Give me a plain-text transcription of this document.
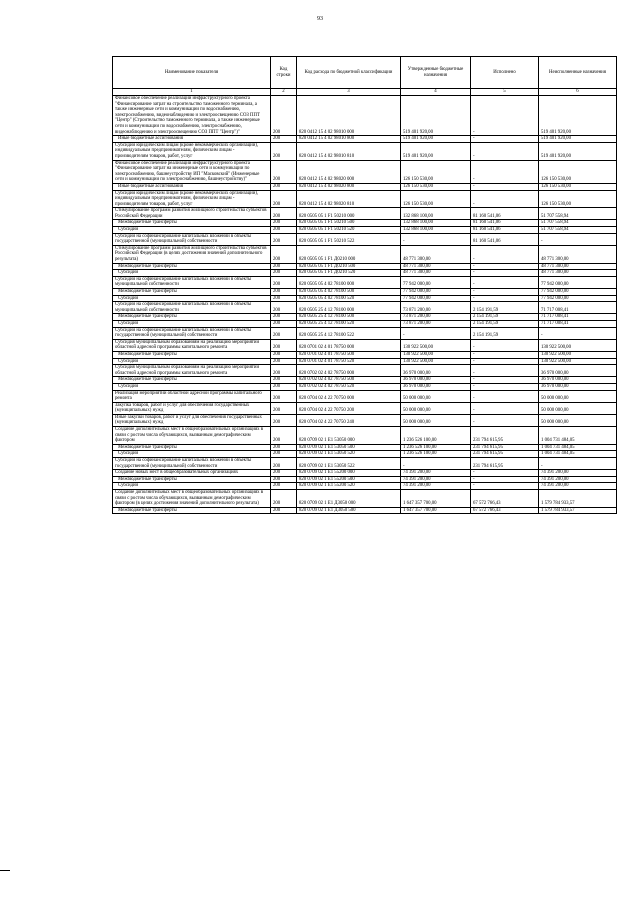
93
Наименование показателя	Код строки	Код расхода по бюджетной классификации	Утвержденные бюджетные назначения	Исполнено	Неисполненные назначения
1	2	3	4	5	6
Финансовое обеспечение реализации инфраструктурного проекта "Финансирование затрат на строительство таможенного терминала, а также инженерные сети и коммуникации по водоснабжению, электроснабжению, видеонаблюдению и электроосвещению СОЗ ППТ "Центр" (Строительство таможенного терминала, а также инженерные сети и коммуникации по водоснабжению, электроснабжению, видеонаблюдению и электроосвещению СОЗ ППТ "Центр")"	200	820 0412 15 4 02 98010 000	519 401 920,00	-	519 401 920,00
Иные бюджетные ассигнования	200	820 0412 15 4 02 98010 800	519 401 920,00	-	519 401 920,00
Субсидии юридическим лицам (кроме некоммерческих организаций), индивидуальным предпринимателям, физическим лицам - производителям товаров, работ, услуг	200	820 0412 15 4 02 98010 810	519 401 920,00	-	519 401 920,00
Финансовое обеспечение реализации инфраструктурного проекта "Финансирование затрат на инженерные сети и коммуникации по электроснабжению, башнеустройству ИП "Масковский" (Инженерные сети и коммуникации по электроснабжению, башнеустройству)"	200	820 0412 15 4 02 98020 000	126 150 530,00	-	126 150 530,00
Иные бюджетные ассигнования	200	820 0412 15 4 02 98020 800	126 150 530,00	-	126 150 530,00
Субсидии юридическим лицам (кроме некоммерческих организаций), индивидуальным предпринимателям, физическим лицам - производителям товаров, работ, услуг	200	820 0412 15 4 02 98020 810	126 150 530,00	-	126 150 530,00
Стимулирование программ развития жилищного строительства субъектов Российской Федерации	200	820 0505 05 1 F1 50210 000	132 868 100,00	81 160 541,06	51 707 558,94
Межбюджетные трансферты	200	820 0505 05 1 F1 50210 500	132 868 100,00	81 160 541,06	51 707 558,94
Субсидии	200	820 0505 05 1 F1 50210 520	132 868 100,00	81 160 541,06	51 707 558,94
Субсидии на софинансирование капитальных вложений в объекты государственной (муниципальной) собственности	200	820 0505 05 1 F1 50210 522	-	81 160 541,06	-
Стимулирование программ развития жилищного строительства субъектов Российской Федерации (в целях достижения значений дополнительного результата)	200	820 0505 05 1 F1 Д0210 000	48 771 300,00	-	48 771 300,00
Межбюджетные трансферты	200	820 0505 05 1 F1 Д0210 500	48 771 300,00	-	48 771 300,00
Субсидии	200	820 0505 05 1 F1 Д0210 520	48 771 300,00	-	48 771 300,00
Субсидии на софинансирование капитальных вложений в объекты муниципальной собственности	200	820 0505 05 4 02 78100 000	77 942 000,00	-	77 942 000,00
Межбюджетные трансферты	200	820 0505 05 4 02 78100 500	77 942 000,00	-	77 942 000,00
Субсидии	200	820 0505 05 4 02 78100 520	77 942 000,00	-	77 942 000,00
Субсидии на софинансирование капитальных вложений в объекты муниципальной собственности	200	820 0505 25 4 12 78100 000	73 871 200,00	2 154 191,59	71 717 008,41
Межбюджетные трансферты	200	820 0505 25 4 12 78100 500	73 871 200,00	2 154 191,59	71 717 008,41
Субсидии	200	820 0505 25 4 12 78100 520	73 871 200,00	2 154 191,59	71 717 008,41
Субсидии на софинансирование капитальных вложений в объекты государственной (муниципальной) собственности	200	820 0505 25 4 12 78100 522	-	2 154 191,59	-
Субсидия муниципальным образованиям на реализацию мероприятий областной адресной программы капитального ремонта	200	820 0701 02 4 01 78750 000	130 922 500,00	-	130 922 500,00
Межбюджетные трансферты	200	820 0701 02 4 01 78750 500	130 922 500,00	-	130 922 500,00
Субсидии	200	820 0701 02 4 01 78750 520	130 922 500,00	-	130 922 500,00
Субсидия муниципальным образованиям на реализацию мероприятий областной адресной программы капитального ремонта	200	820 0702 02 4 02 78750 000	36 970 000,00	-	36 970 000,00
Межбюджетные трансферты	200	820 0702 02 4 02 78750 500	36 970 000,00	-	36 970 000,00
Субсидии	200	820 0702 02 4 02 78750 520	36 970 000,00	-	36 970 000,00
Реализация мероприятий областной адресной программы капитального ремонта	200	820 0704 02 4 22 70750 000	50 000 000,00	-	50 000 000,00
Закупка товаров, работ и услуг для обеспечения государственных (муниципальных) нужд	200	820 0704 02 4 22 70750 200	50 000 000,00	-	50 000 000,00
Иные закупки товаров, работ и услуг для обеспечения государственных (муниципальных) нужд	200	820 0704 02 4 22 70750 240	50 000 000,00	-	50 000 000,00
Создание дополнительных мест в общеобразовательных организациях в связи с ростом числа обучающихся, вызванным демографическим фактором	200	820 0709 02 1 E1 53050 000	1 236 526 100,00	231 794 615,95	1 004 731 484,05
Межбюджетные трансферты	200	820 0709 02 1 E1 53050 500	1 236 526 100,00	231 794 615,95	1 004 731 484,05
Субсидии	200	820 0709 02 1 E1 53050 520	1 236 526 100,00	231 794 615,95	1 004 731 484,05
Субсидии на софинансирование капитальных вложений в объекты государственной (муниципальной) собственности	200	820 0709 02 1 E1 53050 522	-	231 794 615,95	-
Создание новых мест в общеобразовательных организациях	200	820 0709 02 1 E1 55200 000	74 391 200,00	-	74 391 200,00
Межбюджетные трансферты	200	820 0709 02 1 E1 55200 500	74 391 200,00	-	74 391 200,00
Субсидии	200	820 0709 02 1 E1 55200 520	74 391 200,00	-	74 391 200,00
Создание дополнительных мест в общеобразовательных организациях в связи с ростом числа обучающихся, вызванным демографическим фактором (в целях достижения значений дополнительного результата)	200	820 0709 02 1 E1 Д3050 000	1 647 357 700,00	67 572 766,43	1 579 784 933,57
Межбюджетные трансферты	200	820 0709 02 1 E1 Д3050 500	1 647 357 700,00	67 572 766,43	1 579 784 933,57
